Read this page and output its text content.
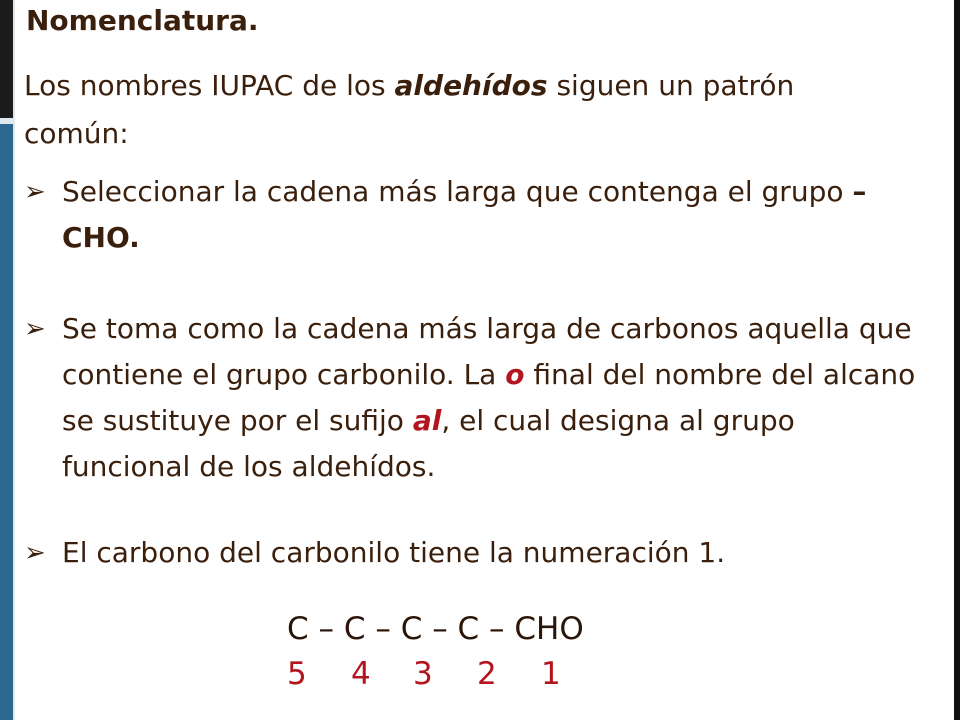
Nomenclatura.

Los nombres IUPAC de los aldehídos siguen un patrón común:

➢ Seleccionar la cadena más larga que contenga el grupo –CHO.
➢ Se toma como la cadena más larga de carbonos aquella que contiene el grupo carbonilo. La o final del nombre del alcano se sustituye por el sufijo al, el cual designa al grupo funcional de los aldehídos.
➢ El carbono del carbonilo tiene la numeración 1.
C – C – C – C – CHO
5 4 3 2 1
